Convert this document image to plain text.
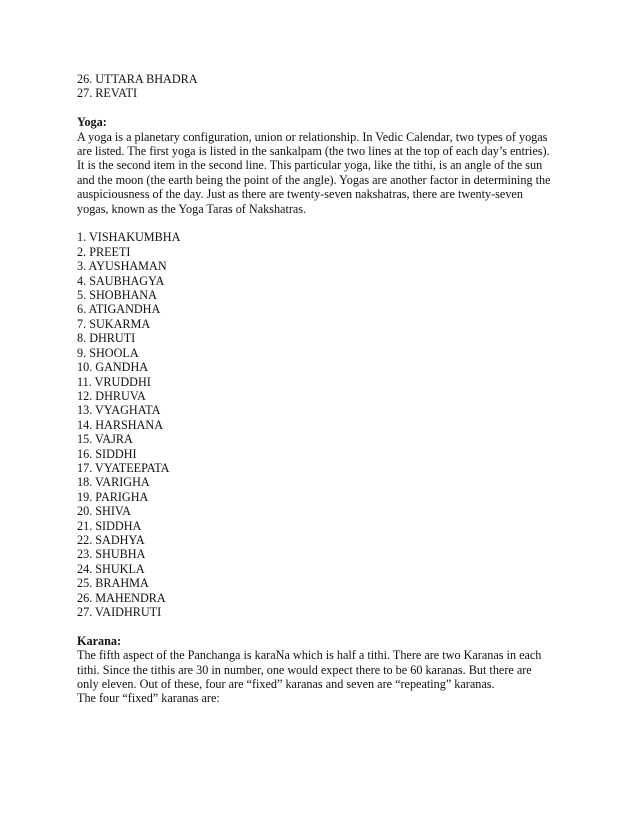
26. UTTARA BHADRA
27. REVATI
Yoga:
A yoga is a planetary configuration, union or relationship. In Vedic Calendar, two types of yogas
are listed. The first yoga is listed in the sankalpam (the two lines at the top of each day’s entries).
It is the second item in the second line. This particular yoga, like the tithi, is an angle of the sun
and the moon (the earth being the point of the angle). Yogas are another factor in determining the
auspiciousness of the day. Just as there are twenty-seven nakshatras, there are twenty-seven
yogas, known as the Yoga Taras of Nakshatras.
1. VISHAKUMBHA
2. PREETI
3. AYUSHAMAN
4. SAUBHAGYA
5. SHOBHANA
6. ATIGANDHA
7. SUKARMA
8. DHRUTI
9. SHOOLA
10. GANDHA
11. VRUDDHI
12. DHRUVA
13. VYAGHATA
14. HARSHANA
15. VAJRA
16. SIDDHI
17. VYATEEPATA
18. VARIGHA
19. PARIGHA
20. SHIVA
21. SIDDHA
22. SADHYA
23. SHUBHA
24. SHUKLA
25. BRAHMA
26. MAHENDRA
27. VAIDHRUTI
Karana:
The fifth aspect of the Panchanga is karaNa which is half a tithi. There are two Karanas in each
tithi. Since the tithis are 30 in number, one would expect there to be 60 karanas. But there are
only eleven. Out of these, four are “fixed” karanas and seven are “repeating” karanas.
The four “fixed” karanas are:
